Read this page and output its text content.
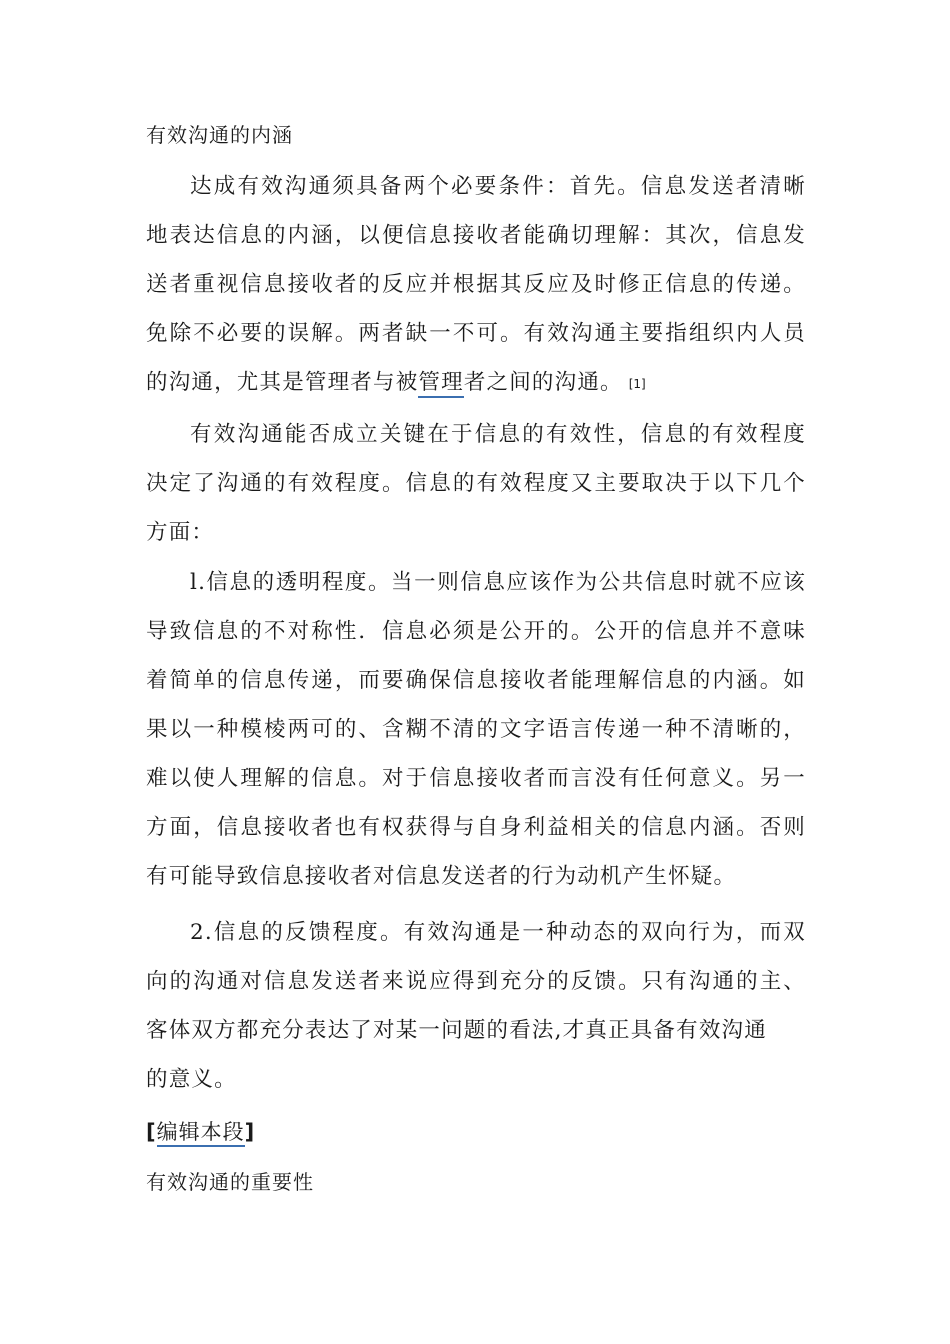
有效沟通的内涵
达成有效沟通须具备两个必要条件：首先。信息发送者清晰
地表达信息的内涵，以便信息接收者能确切理解：其次，信息发
送者重视信息接收者的反应并根据其反应及时修正信息的传递。
免除不必要的误解。两者缺一不可。有效沟通主要指组织内人员
的沟通，尤其是管理者与被管理者之间的沟通。 [1]
有效沟通能否成立关键在于信息的有效性，信息的有效程度
决定了沟通的有效程度。信息的有效程度又主要取决于以下几个
方面：
l.信息的透明程度。当一则信息应该作为公共信息时就不应该
导致信息的不对称性．信息必须是公开的。公开的信息并不意味
着简单的信息传递，而要确保信息接收者能理解信息的内涵。如
果以一种模棱两可的、含糊不清的文字语言传递一种不清晰的，
难以使人理解的信息。对于信息接收者而言没有任何意义。另一
方面，信息接收者也有权获得与自身利益相关的信息内涵。否则
有可能导致信息接收者对信息发送者的行为动机产生怀疑。
2.信息的反馈程度。有效沟通是一种动态的双向行为，而双
向的沟通对信息发送者来说应得到充分的反馈。只有沟通的主、
客体双方都充分表达了对某一问题的看法,才真正具备有效沟通
的意义。
[编辑本段]
有效沟通的重要性
